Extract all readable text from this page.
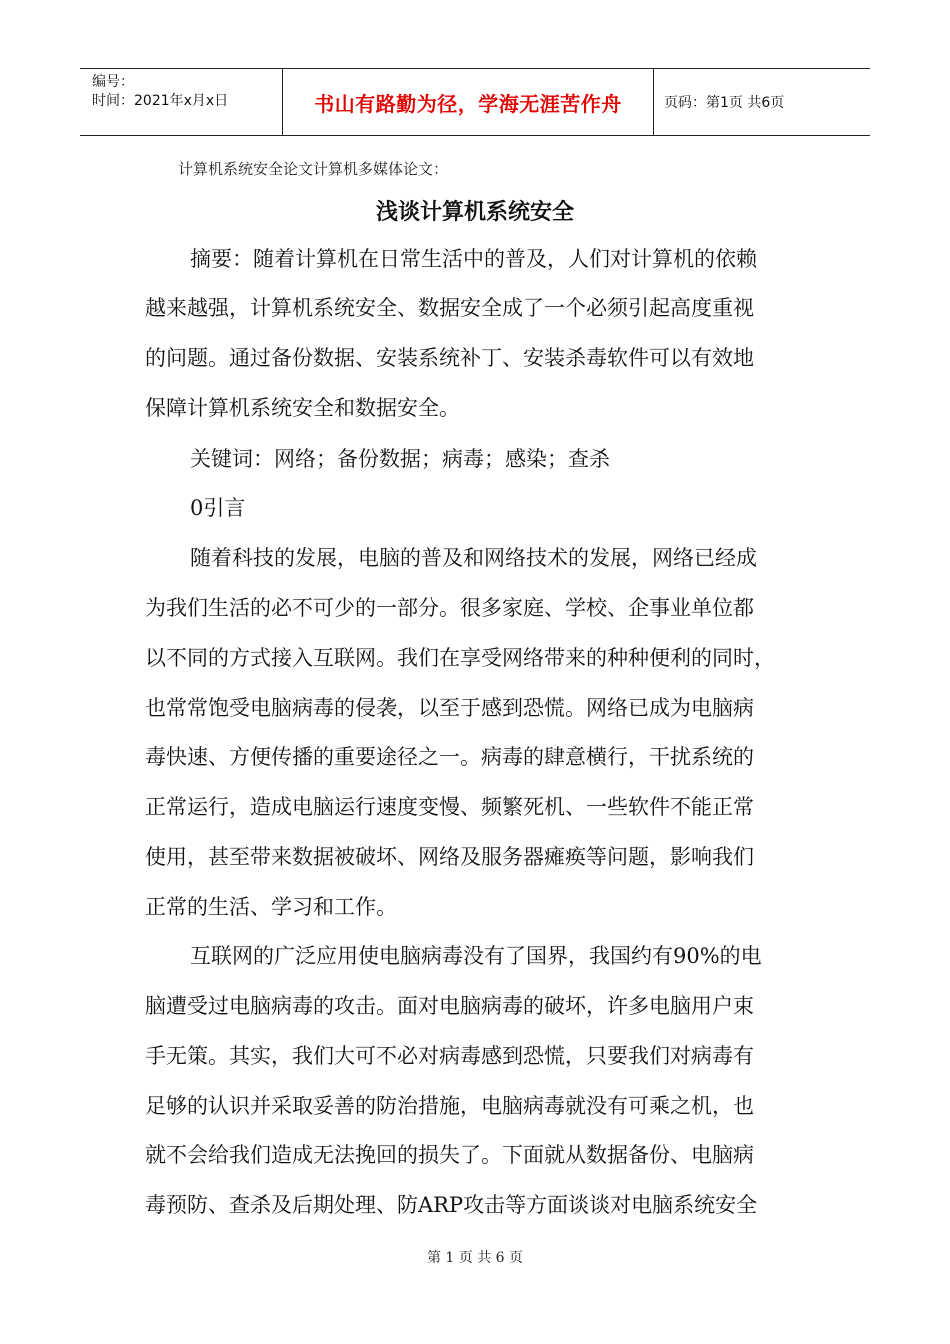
编号：
时间：2021年x月x日	书山有路勤为径，学海无涯苦作舟	页码：第1页 共6页
计算机系统安全论文计算机多媒体论文：
浅谈计算机系统安全
摘要：随着计算机在日常生活中的普及，人们对计算机的依赖
越来越强，计算机系统安全、数据安全成了一个必须引起高度重视
的问题。通过备份数据、安装系统补丁、安装杀毒软件可以有效地
保障计算机系统安全和数据安全。
关键词：网络；备份数据；病毒；感染；查杀
0引言
随着科技的发展，电脑的普及和网络技术的发展，网络已经成
为我们生活的必不可少的一部分。很多家庭、学校、企事业单位都
以不同的方式接入互联网。我们在享受网络带来的种种便利的同时，
也常常饱受电脑病毒的侵袭，以至于感到恐慌。网络已成为电脑病
毒快速、方便传播的重要途径之一。病毒的肆意横行，干扰系统的
正常运行，造成电脑运行速度变慢、频繁死机、一些软件不能正常
使用，甚至带来数据被破坏、网络及服务器瘫痪等问题，影响我们
正常的生活、学习和工作。
互联网的广泛应用使电脑病毒没有了国界，我国约有90%的电
脑遭受过电脑病毒的攻击。面对电脑病毒的破坏，许多电脑用户束
手无策。其实，我们大可不必对病毒感到恐慌，只要我们对病毒有
足够的认识并采取妥善的防治措施，电脑病毒就没有可乘之机，也
就不会给我们造成无法挽回的损失了。下面就从数据备份、电脑病
毒预防、查杀及后期处理、防ARP攻击等方面谈谈对电脑系统安全
第 1 页 共 6 页
